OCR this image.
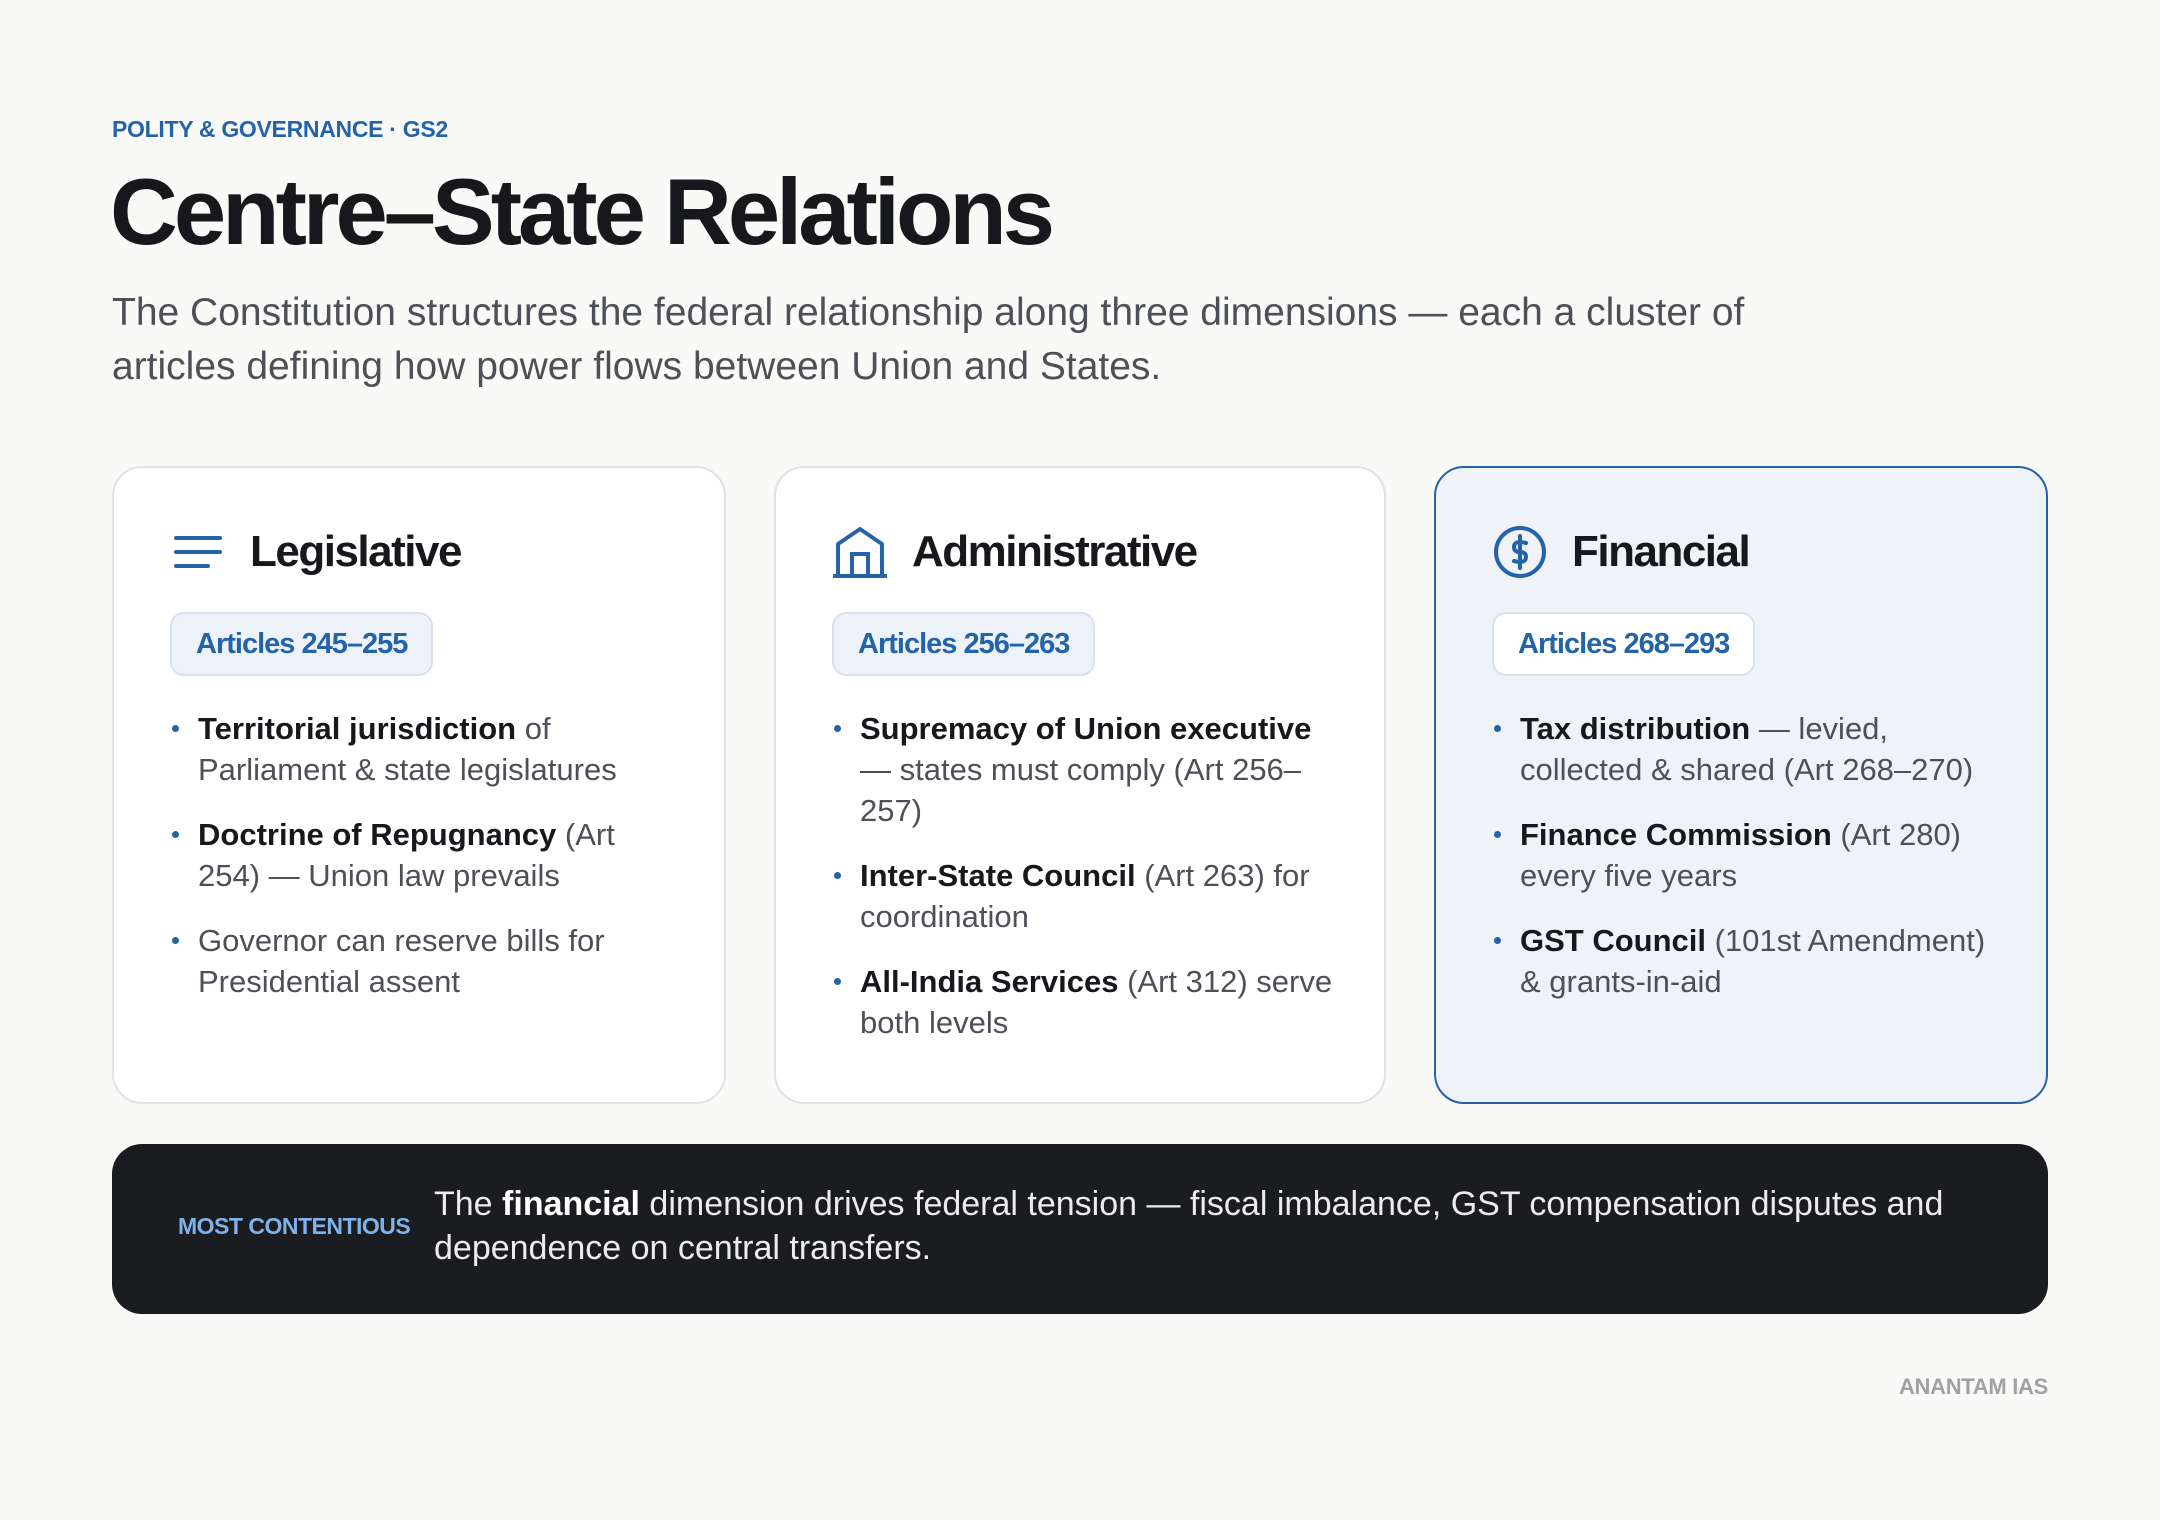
POLITY & GOVERNANCE · GS2
Centre–State Relations

The Constitution structures the federal relationship along three dimensions — each a cluster of articles defining how power flows between Union and States.

Legislative
Articles 245–255
Territorial jurisdiction of Parliament & state legislatures
Doctrine of Repugnancy (Art 254) — Union law prevails
Governor can reserve bills for Presidential assent
Administrative
Articles 256–263
Supremacy of Union executive — states must comply (Art 256–257)
Inter-State Council (Art 263) for coordination
All-India Services (Art 312) serve both levels
Financial
Articles 268–293
Tax distribution — levied, collected & shared (Art 268–270)
Finance Commission (Art 280) every five years
GST Council (101st Amendment) & grants-in-aid
MOST CONTENTIOUS

The financial dimension drives federal tension — fiscal imbalance, GST compensation disputes and dependence on central transfers.

ANANTAM IAS
